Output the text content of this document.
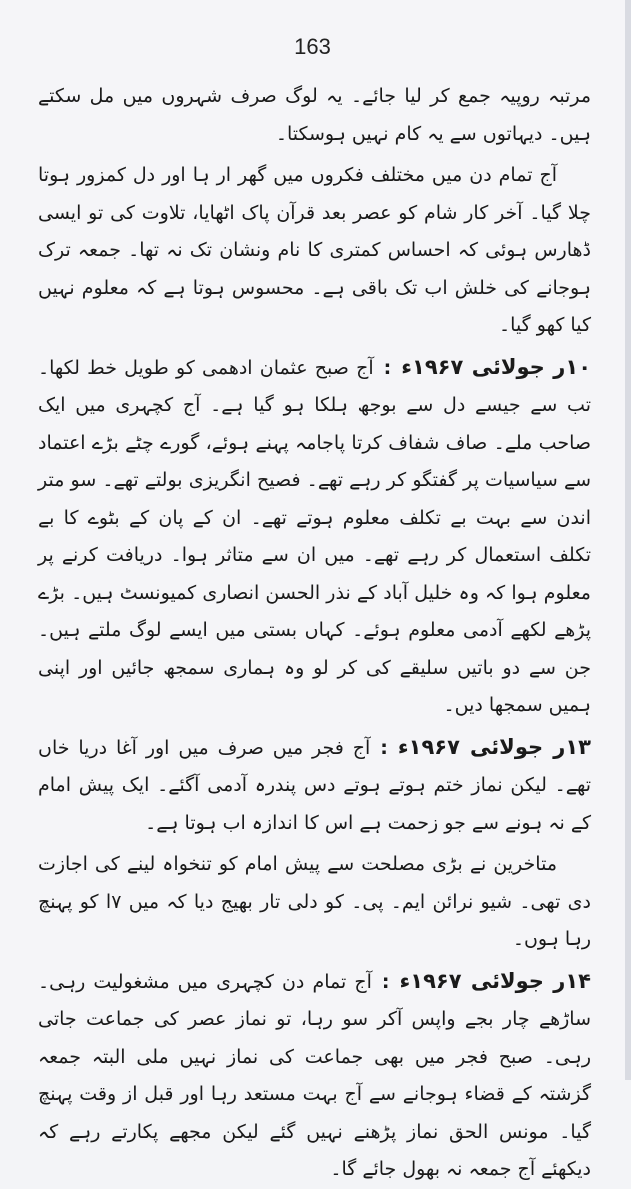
163

مرتبہ روپیہ جمع کر لیا جائے۔ یہ لوگ صرف شہروں میں مل سکتے ہیں۔ دیہاتوں سے یہ کام نہیں ہوسکتا۔

آج تمام دن میں مختلف فکروں میں گھر ار ہا اور دل کمزور ہوتا چلا گیا۔ آخر کار شام کو عصر بعد قرآن پاک اٹھایا، تلاوت کی تو ایسی ڈھارس ہوئی کہ احساس کمتری کا نام ونشان تک نہ تھا۔ جمعہ ترک ہوجانے کی خلش اب تک باقی ہے۔ محسوس ہوتا ہے کہ معلوم نہیں کیا کھو گیا۔

۱۰ر جولائی ۱۹۶۷ء:آج صبح عثمان ادھمی کو طویل خط لکھا۔ تب سے جیسے دل سے بوجھ ہلکا ہو گیا ہے۔ آج کچہری میں ایک صاحب ملے۔ صاف شفاف کرتا پاجامہ پہنے ہوئے، گورے چٹے بڑے اعتماد سے سیاسیات پر گفتگو کر رہے تھے۔ فصیح انگریزی بولتے تھے۔ سو متر اندن سے بہت بے تکلف معلوم ہوتے تھے۔ ان کے پان کے بٹوے کا بے تکلف استعمال کر رہے تھے۔ میں ان سے متاثر ہوا۔ دریافت کرنے پر معلوم ہوا کہ وہ خلیل آباد کے نذر الحسن انصاری کمیونسٹ ہیں۔ بڑے پڑھے لکھے آدمی معلوم ہوئے۔ کہاں بستی میں ایسے لوگ ملتے ہیں۔ جن سے دو باتیں سلیقے کی کر لو وہ ہماری سمجھ جائیں اور اپنی ہمیں سمجھا دیں۔

۱۳ر جولائی ۱۹۶۷ء:آج فجر میں صرف میں اور آغا دریا خاں تھے۔ لیکن نماز ختم ہوتے ہوتے دس پندرہ آدمی آگئے۔ ایک پیش امام کے نہ ہونے سے جو زحمت ہے اس کا اندازہ اب ہوتا ہے۔

متاخرین نے بڑی مصلحت سے پیش امام کو تنخواہ لینے کی اجازت دی تھی۔ شیو نرائن ایم۔ پی۔ کو دلی تار بھیج دیا کہ میں ۷ا کو پہنچ رہا ہوں۔

۱۴ر جولائی ۱۹۶۷ء:آج تمام دن کچہری میں مشغولیت رہی۔ ساڑھے چار بجے واپس آکر سو رہا، تو نماز عصر کی جماعت جاتی رہی۔ صبح فجر میں بھی جماعت کی نماز نہیں ملی البتہ جمعہ گزشتہ کے قضاء ہوجانے سے آج بہت مستعد رہا اور قبل از وقت پہنچ گیا۔ مونس الحق نماز پڑھنے نہیں گئے لیکن مجھے پکارتے رہے کہ دیکھئے آج جمعہ نہ بھول جائے گا۔
